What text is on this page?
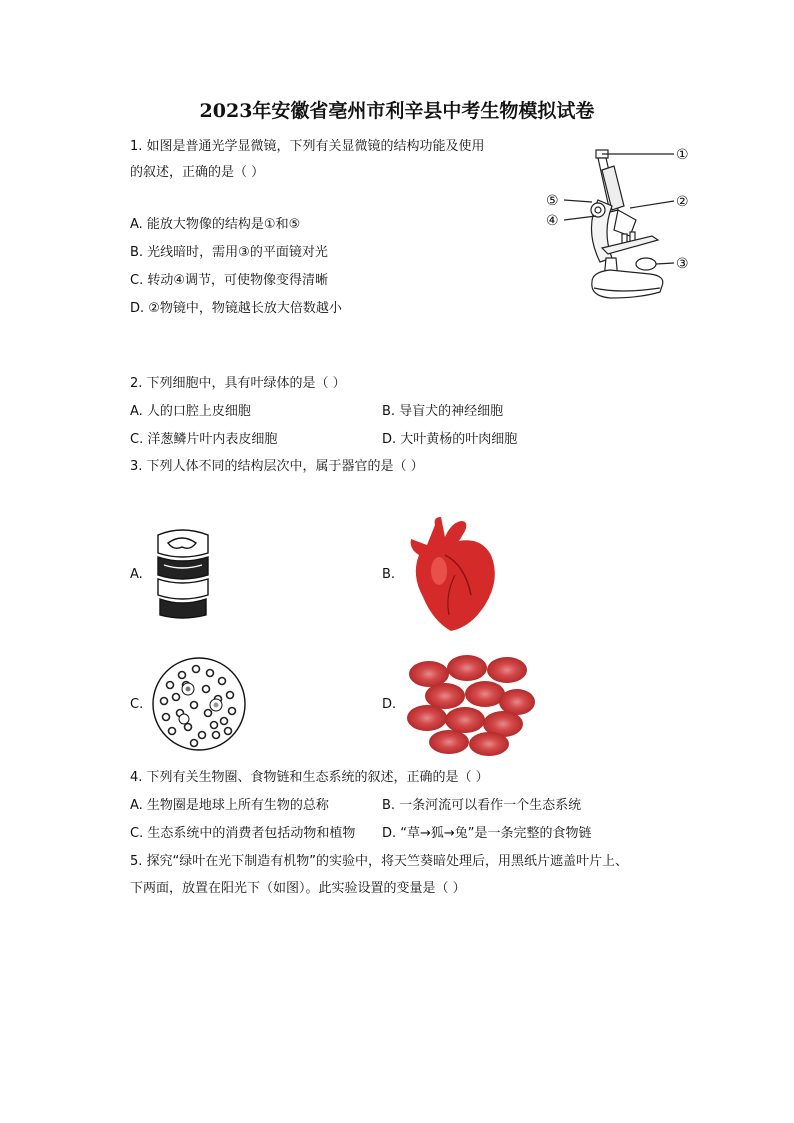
2023年安徽省亳州市利辛县中考生物模拟试卷
1. 如图是普通光学显微镜，下列有关显微镜的结构功能及使用
的叙述，正确的是（ ）
A. 能放大物像的结构是①和⑤
B. 光线暗时，需用③的平面镜对光
C. 转动④调节，可使物像变得清晰
D. ②物镜中，物镜越长放大倍数越小
①
②
③
④
⑤
2. 下列细胞中，具有叶绿体的是（ ）
A. 人的口腔上皮细胞	B. 导盲犬的神经细胞
C. 洋葱鳞片叶内表皮细胞	D. 大叶黄杨的叶肉细胞
3. 下列人体不同的结构层次中，属于器官的是（ ）
A.	B.
C.	D.
4. 下列有关生物圈、食物链和生态系统的叙述，正确的是（ ）
A. 生物圈是地球上所有生物的总称	B. 一条河流可以看作一个生态系统
C. 生态系统中的消费者包括动物和植物 D. “草→狐→兔”是一条完整的食物链
5. 探究“绿叶在光下制造有机物”的实验中，将天竺葵暗处理后，用黑纸片遮盖叶片上、
下两面，放置在阳光下（如图）。此实验设置的变量是（ ）
